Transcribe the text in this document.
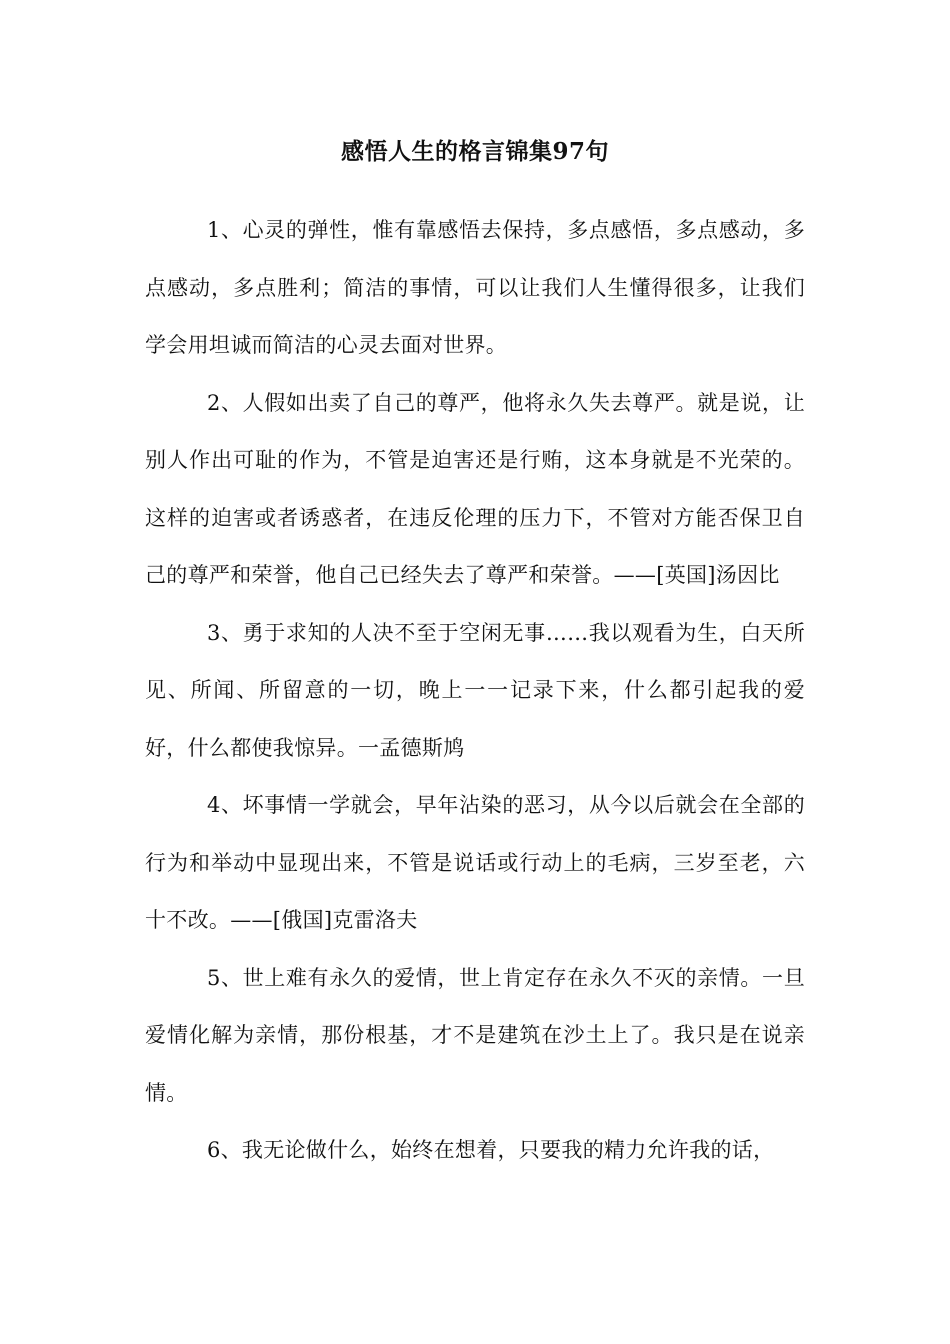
感悟人生的格言锦集97句

1、心灵的弹性，惟有靠感悟去保持，多点感悟，多点感动，多点感动，多点胜利；简洁的事情，可以让我们人生懂得很多，让我们学会用坦诚而简洁的心灵去面对世界。

2、人假如出卖了自己的尊严，他将永久失去尊严。就是说，让别人作出可耻的作为，不管是迫害还是行贿，这本身就是不光荣的。这样的迫害或者诱惑者，在违反伦理的压力下，不管对方能否保卫自己的尊严和荣誉，他自己已经失去了尊严和荣誉。——[英国]汤因比

3、勇于求知的人决不至于空闲无事……我以观看为生，白天所见、所闻、所留意的一切，晚上一一记录下来，什么都引起我的爱好，什么都使我惊异。一孟德斯鸠

4、坏事情一学就会，早年沾染的恶习，从今以后就会在全部的行为和举动中显现出来，不管是说话或行动上的毛病，三岁至老，六十不改。——[俄国]克雷洛夫

5、世上难有永久的爱情，世上肯定存在永久不灭的亲情。一旦爱情化解为亲情，那份根基，才不是建筑在沙土上了。我只是在说亲情。

6、我无论做什么，始终在想着，只要我的精力允许我的话，
